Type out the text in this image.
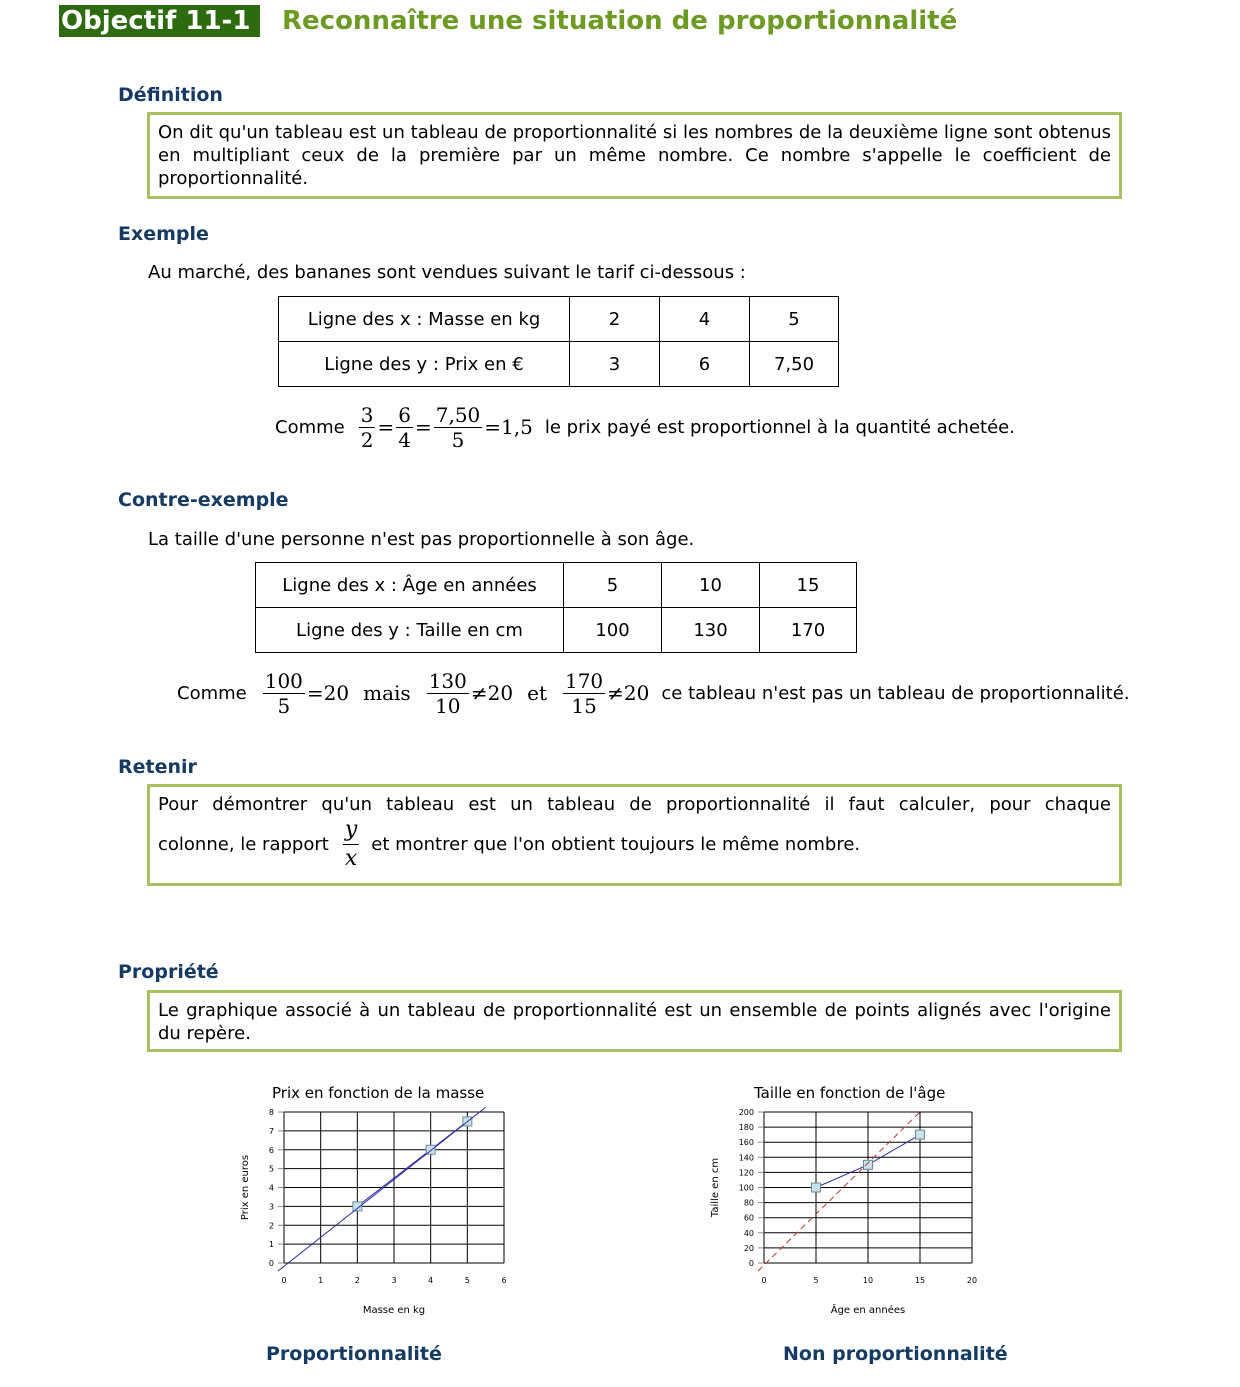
Objectif 11-1	Reconnaître une situation de proportionnalité
Définition
On dit qu'un tableau est un tableau de proportionnalité si les nombres de la deuxième ligne sont obtenus en multipliant ceux de la première par un même nombre. Ce nombre s'appelle le coefficient de proportionnalité.
Exemple
Au marché, des bananes sont vendues suivant le tarif ci-dessous :
Ligne des x : Masse en kg	2	4	5
Ligne des y : Prix en €	3	6	7,50
Comme $\frac{3}{2} = \frac{6}{4} = \frac{7,50}{5} =1,5$ le prix payé est proportionnel à la quantité achetée.
Contre-exemple
La taille d'une personne n'est pas proportionnelle à son âge.
Ligne des x : Âge en années	5	10	15
Ligne des y : Taille en cm	100	130	170
Comme $\frac{100}{5} =20$ mais $\frac{130}{10} \ne 20$ et $\frac{170}{15} \ne 20$ ce tableau n'est pas un tableau de proportionnalité.
Retenir
Pour démontrer qu'un tableau est un tableau de proportionnalité il faut calculer, pour chaque
colonne, le rapport $\frac{y}{x}$ et montrer que l'on obtient toujours le même nombre.
Propriété
Le graphique associé à un tableau de proportionnalité est un ensemble de points alignés avec l'origine du repère.
Prix en fonction de la masse
0	1	2	3	4	5	6
0
1
2
3
4
5
6
7
8
Masse en kg
Prix en euros
Proportionnalité
Taille en fonction de l'âge
0	5	10	15	20
0
20
40
60
80
100
120
140
160
180
200
Âge en années
Taille en cm
Non proportionnalité
